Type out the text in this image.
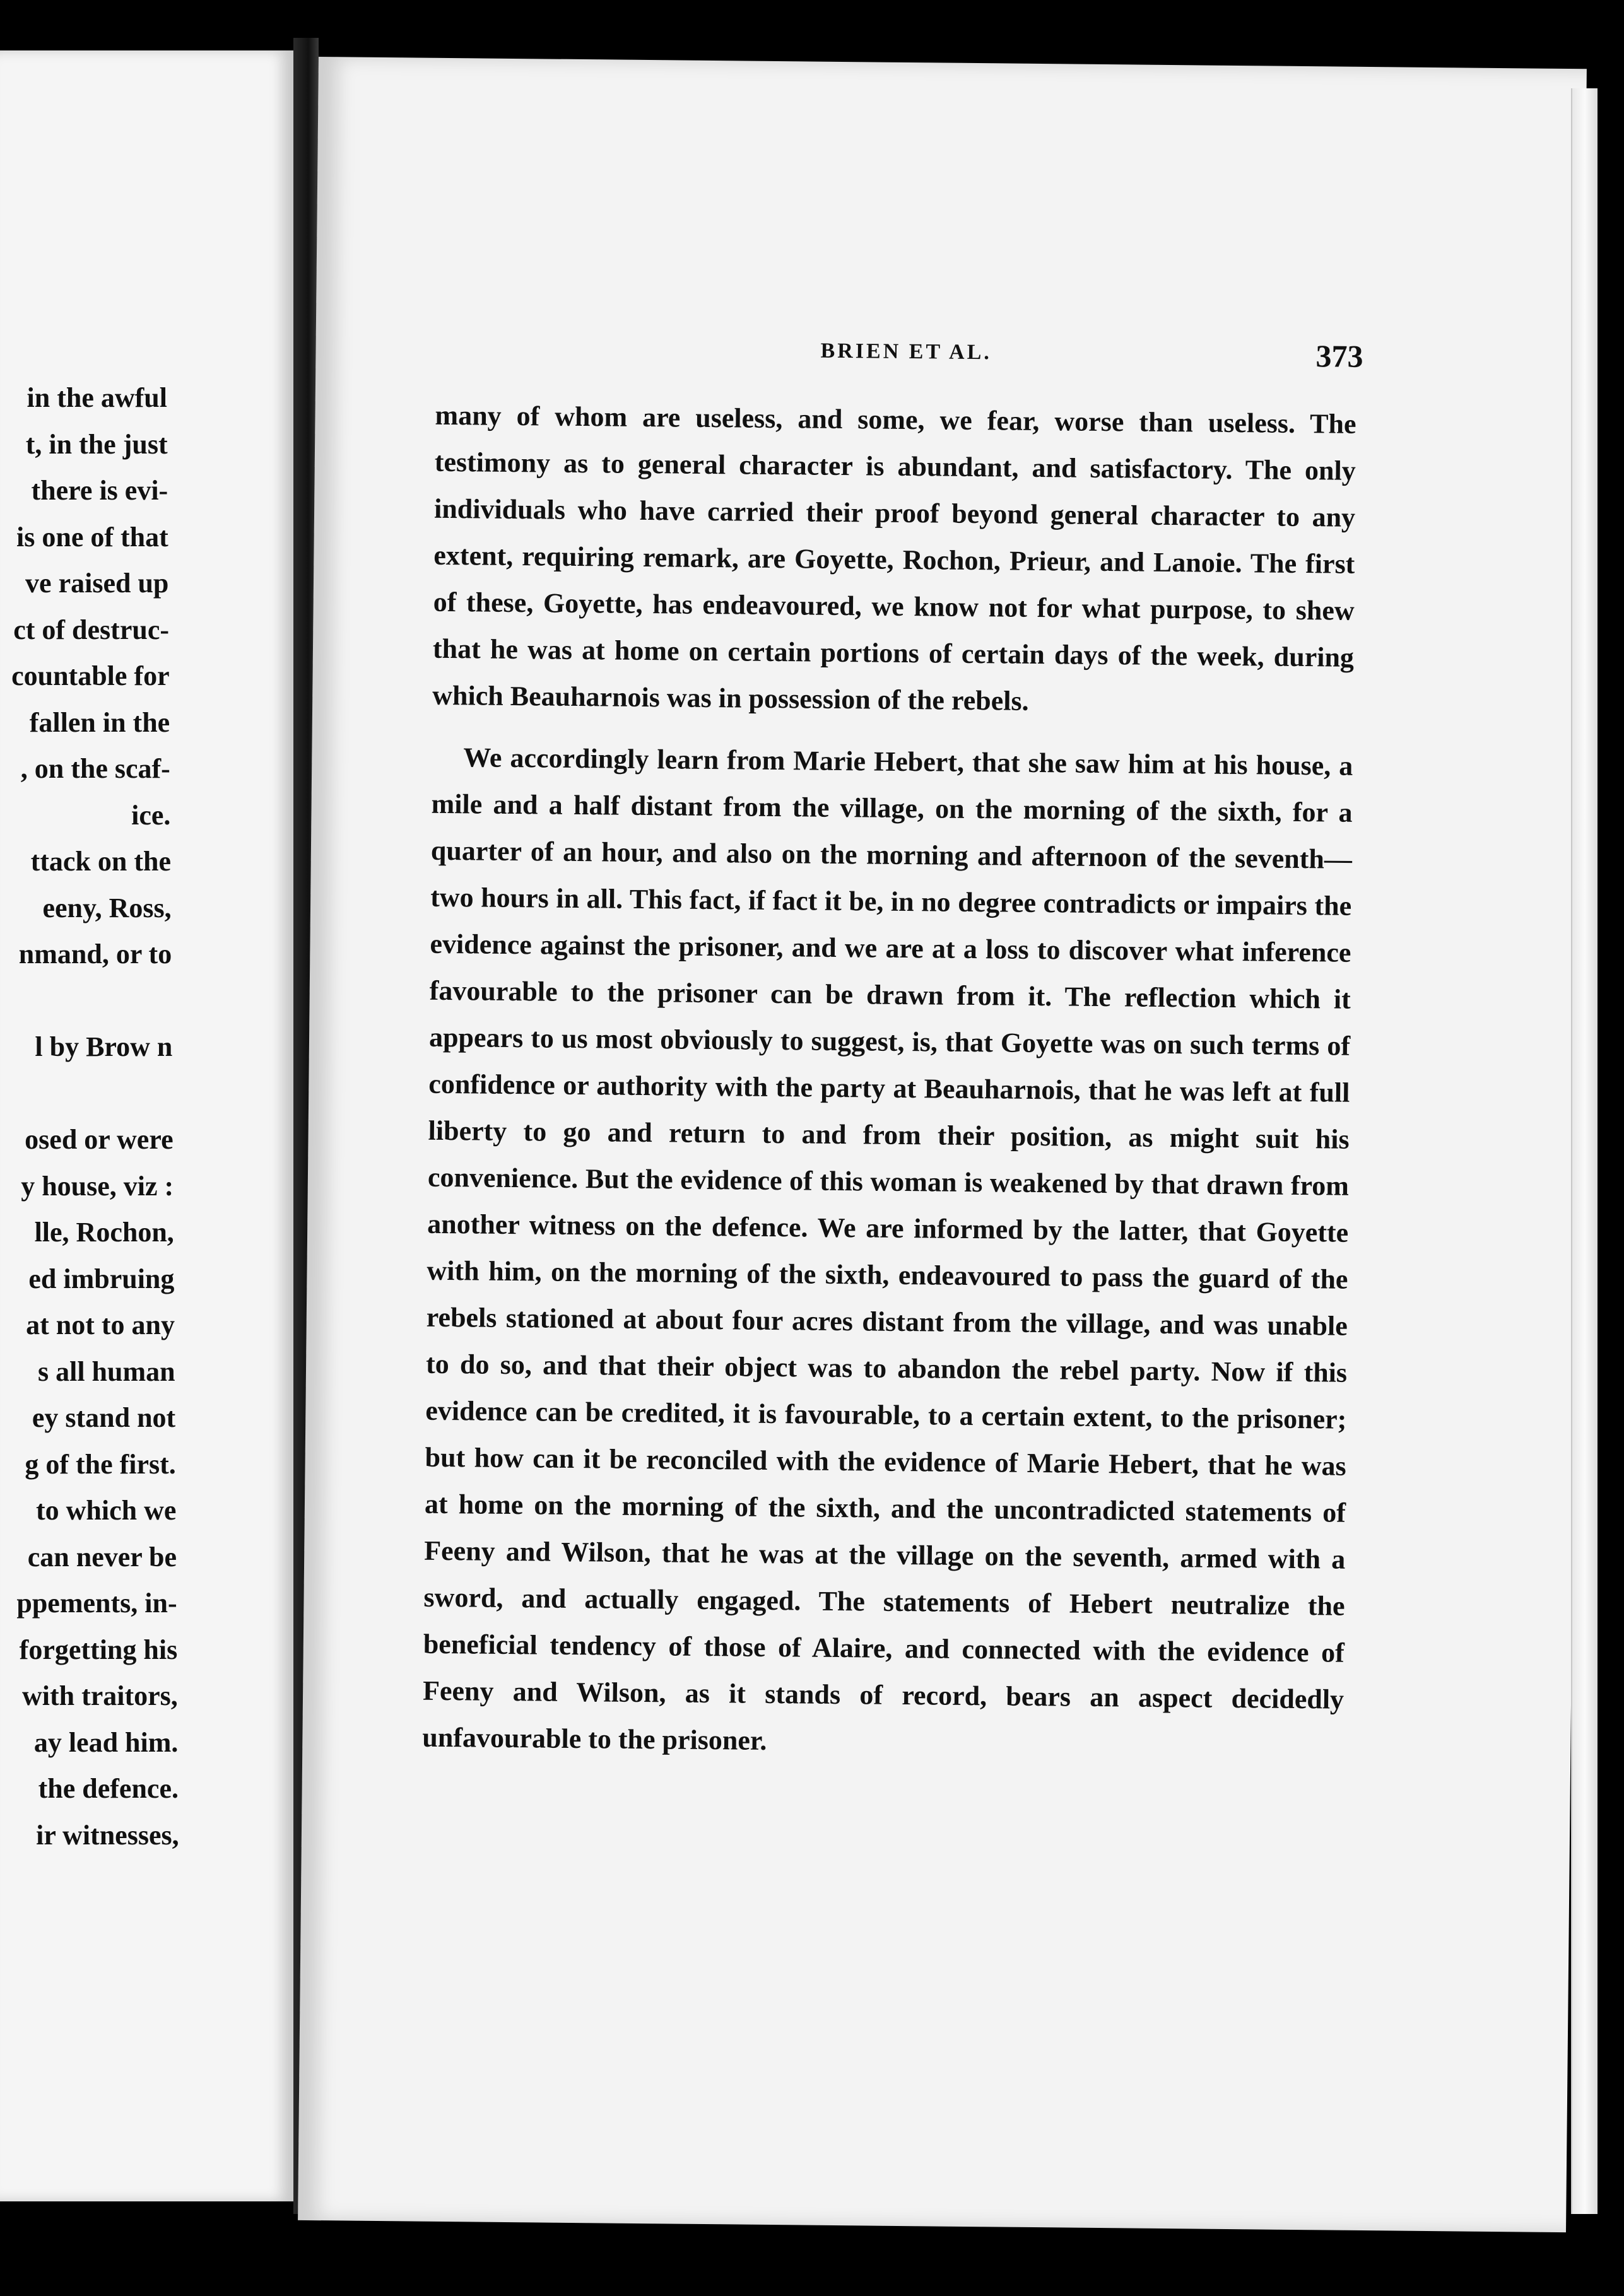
in the awful
t, in the just
there is evi-
is one of that
ve raised up
ct of destruc-
countable for
fallen in the
, on the scaf-
ice.
ttack on the
eeny, Ross,
nmand, or to
l by Brow n
osed or were
y house, viz :
lle, Rochon,
ed imbruing
at not to any
s all human
ey stand not
g of the first.
to which we
can never be
ppements, in-
forgetting his
with traitors,
ay lead him.
the defence.
ir witnesses,
BRIEN ET AL.	373

many of whom are useless, and some, we fear, worse than useless. The testimony as to general character is abundant, and satisfactory. The only individuals who have carried their proof beyond general character to any extent, requiring remark, are Goyette, Rochon, Prieur, and Lanoie. The first of these, Goyette, has endeavoured, we know not for what purpose, to shew that he was at home on certain portions of certain days of the week, during which Beauharnois was in possession of the rebels.

We accordingly learn from Marie Hebert, that she saw him at his house, a mile and a half distant from the village, on the morning of the sixth, for a quarter of an hour, and also on the morning and afternoon of the seventh—two hours in all. This fact, if fact it be, in no degree contradicts or impairs the evidence against the prisoner, and we are at a loss to discover what inference favourable to the prisoner can be drawn from it. The reflection which it appears to us most obviously to suggest, is, that Goyette was on such terms of confidence or authority with the party at Beauharnois, that he was left at full liberty to go and return to and from their position, as might suit his convenience. But the evidence of this woman is weakened by that drawn from another witness on the defence. We are informed by the latter, that Goyette with him, on the morning of the sixth, endeavoured to pass the guard of the rebels stationed at about four acres distant from the village, and was unable to do so, and that their object was to abandon the rebel party. Now if this evidence can be credited, it is favourable, to a certain extent, to the prisoner; but how can it be reconciled with the evidence of Marie Hebert, that he was at home on the morning of the sixth, and the uncontradicted statements of Feeny and Wilson, that he was at the village on the seventh, armed with a sword, and actually engaged. The statements of Hebert neutralize the beneficial tendency of those of Alaire, and connected with the evidence of Feeny and Wilson, as it stands of record, bears an aspect decidedly unfavourable to the prisoner.
